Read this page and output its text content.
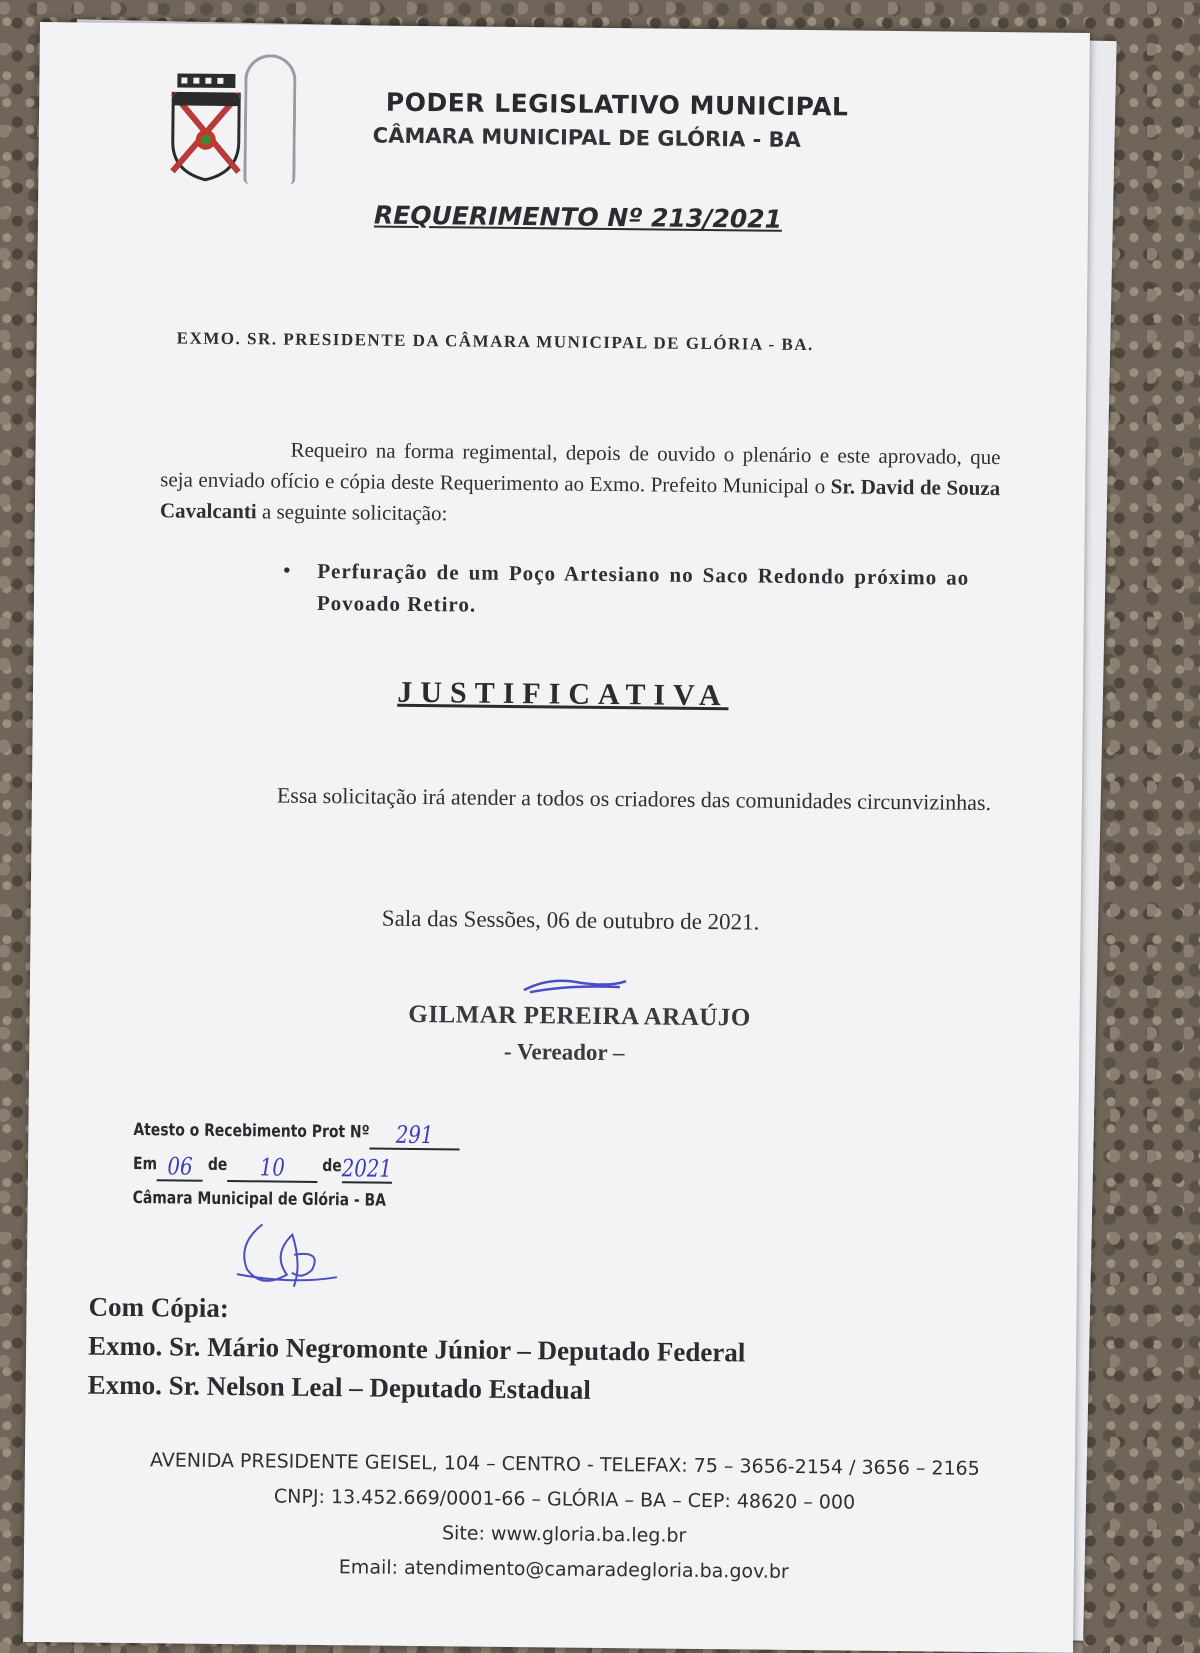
PODER LEGISLATIVO MUNICIPAL

CÂMARA MUNICIPAL DE GLÓRIA - BA

REQUERIMENTO Nº 213/2021

EXMO. SR. PRESIDENTE DA CÂMARA MUNICIPAL DE GLÓRIA - BA.

Requeiro na forma regimental, depois de ouvido o plenário e este aprovado, que seja enviado ofício e cópia deste Requerimento ao Exmo. Prefeito Municipal o Sr. David de Souza Cavalcanti a seguinte solicitação:

• Perfuração de um Poço Artesiano no Saco Redondo próximo ao Povoado Retiro.

JUSTIFICATIVA

Essa solicitação irá atender a todos os criadores das comunidades circunvizinhas.

Sala das Sessões, 06 de outubro de 2021.

GILMAR PEREIRA ARAÚJO

- Vereador –

Atesto o Recebimento Prot Nº 291
Em 06 de 10 de2021
Câmara Municipal de Glória - BA
Com Cópia:
Exmo. Sr. Mário Negromonte Júnior – Deputado Federal
Exmo. Sr. Nelson Leal – Deputado Estadual
AVENIDA PRESIDENTE GEISEL, 104 – CENTRO - TELEFAX: 75 – 3656-2154 / 3656 – 2165
CNPJ: 13.452.669/0001-66 – GLÓRIA – BA – CEP: 48620 – 000
Site: www.gloria.ba.leg.br
Email: atendimento@camaradegloria.ba.gov.br
